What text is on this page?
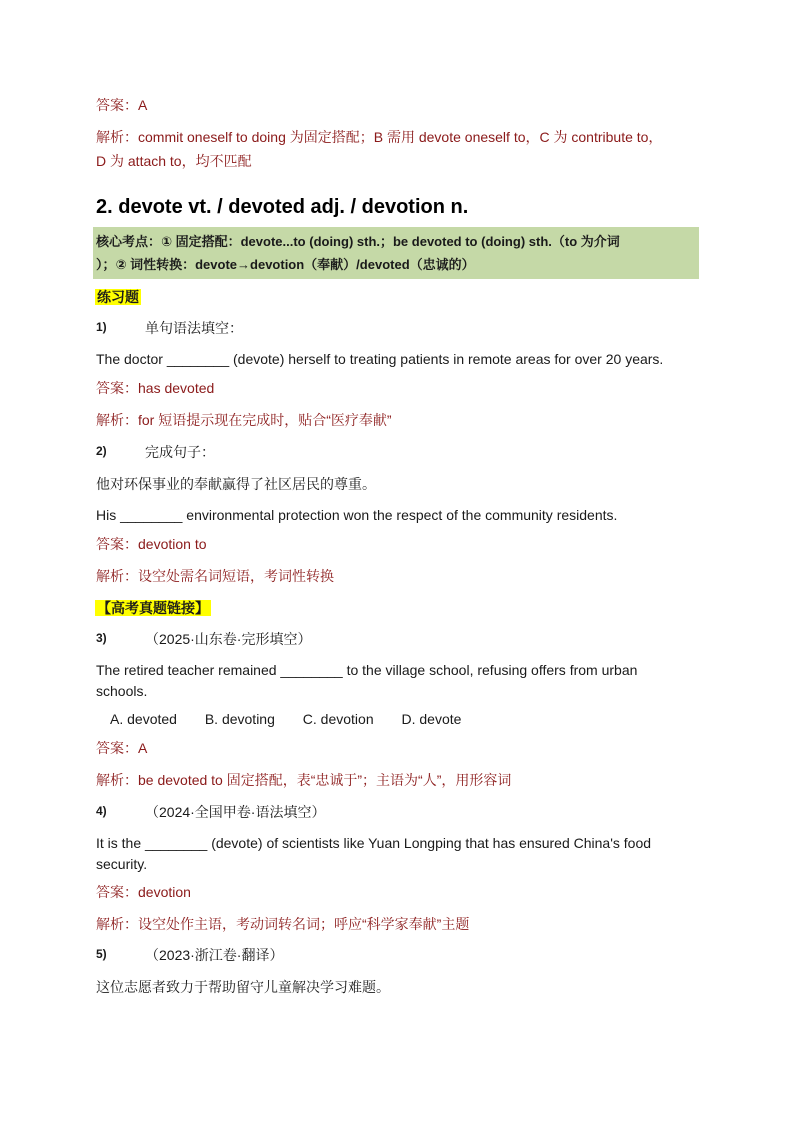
答案：A
解析：commit oneself to doing 为固定搭配；B 需用 devote oneself to，C 为 contribute to，
D 为 attach to，均不匹配
2. devote vt. / devoted adj. / devotion n.
核心考点：① 固定搭配：devote...to (doing) sth.；be devoted to (doing) sth.（to 为介词
）；② 词性转换：devote→devotion（奉献）/devoted（忠诚的）
练习题
1)	单句语法填空：
The doctor ________ (devote) herself to treating patients in remote areas for over 20 years.
答案：has devoted
解析：for 短语提示现在完成时，贴合“医疗奉献”
2)	完成句子：
他对环保事业的奉献赢得了社区居民的尊重。
His ________ environmental protection won the respect of the community residents.
答案：devotion to
解析：设空处需名词短语，考词性转换
【高考真题链接】
3)	（2025·山东卷·完形填空）
The retired teacher remained ________ to the village school, refusing offers from urban
schools.
A. devoted B. devoting C. devotion D. devote
答案：A
解析：be devoted to 固定搭配，表“忠诚于”；主语为“人”，用形容词
4)	（2024·全国甲卷·语法填空）
It is the ________ (devote) of scientists like Yuan Longping that has ensured China's food
security.
答案：devotion
解析：设空处作主语，考动词转名词；呼应“科学家奉献”主题
5)	（2023·浙江卷·翻译）
这位志愿者致力于帮助留守儿童解决学习难题。
